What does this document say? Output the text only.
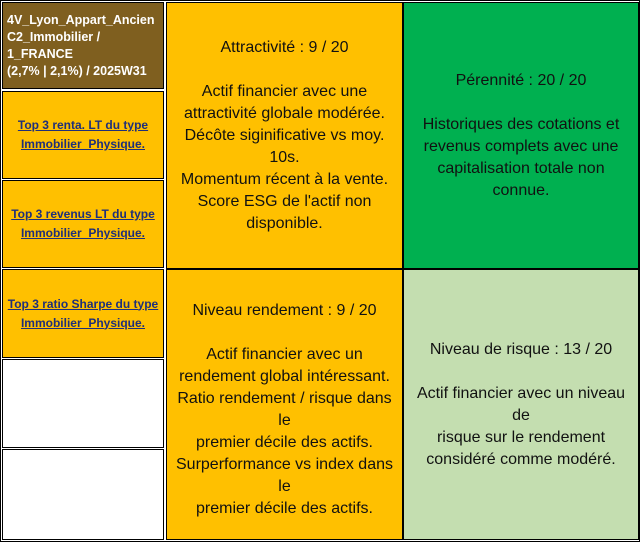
4V_Lyon_Appart_Ancien
C2_Immobilier / 1_FRANCE
(2,7% | 2,1%) / 2025W31
Top 3 renta. LT du type
Immobilier_Physique.
Top 3 revenus LT du type
Immobilier_Physique.
Top 3 ratio Sharpe du type
Immobilier_Physique.
Attractivité : 9 / 20
Actif financier avec une
attractivité globale modérée.
Décôte siginificative vs moy. 10s.
Momentum récent à la vente.
Score ESG de l'actif non
disponible.
Pérennité : 20 / 20
Historiques des cotations et
revenus complets avec une
capitalisation totale non
connue.
Niveau rendement : 9 / 20
Actif financier avec un
rendement global intéressant.
Ratio rendement / risque dans le
premier décile des actifs.
Surperformance vs index dans le
premier décile des actifs.
Niveau de risque : 13 / 20
Actif financier avec un niveau de
risque sur le rendement
considéré comme modéré.
